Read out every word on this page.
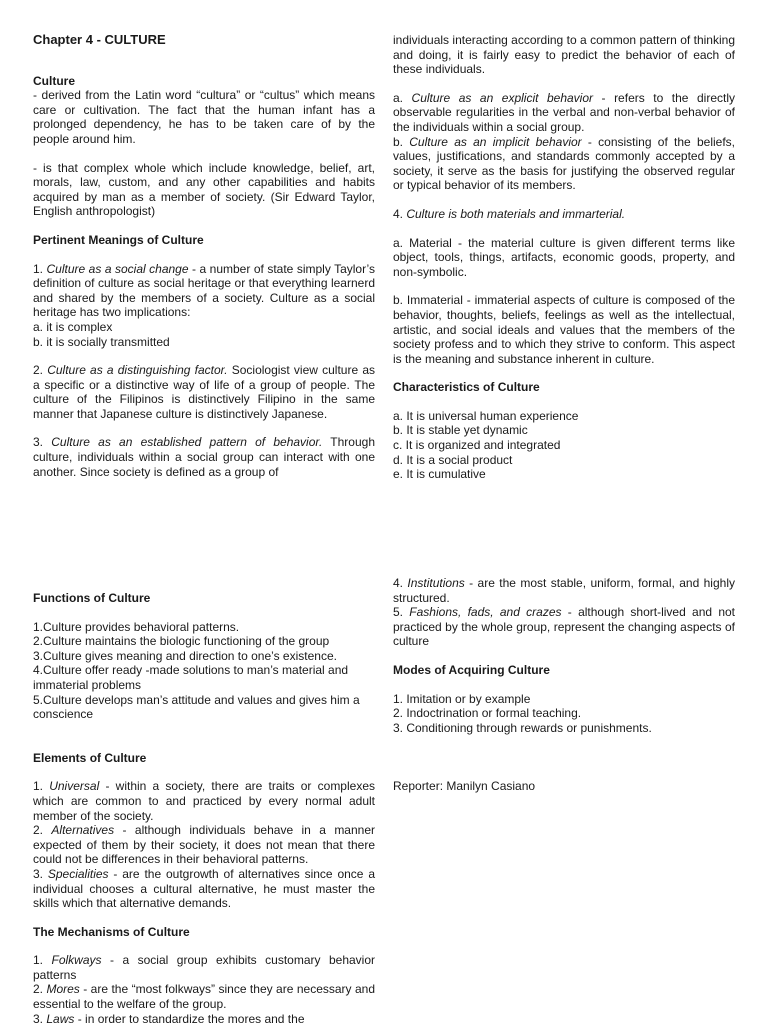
Chapter 4 - CULTURE

Culture

- derived from the Latin word “cultura” or “cultus” which means care or cultivation. The fact that the human infant has a prolonged dependency, he has to be taken care of by the people around him.

- is that complex whole which include knowledge, belief, art, morals, law, custom, and any other capabilities and habits acquired by man as a member of society. (Sir Edward Taylor, English anthropologist)

Pertinent Meanings of Culture

1. Culture as a social change - a number of state simply Taylor’s definition of culture as social heritage or that everything learnerd and shared by the members of a society. Culture as a social heritage has two implications:

a. it is complex

b. it is socially transmitted

2. Culture as a distinguishing factor. Sociologist view culture as a specific or a distinctive way of life of a group of people. The culture of the Filipinos is distinctively Filipino in the same manner that Japanese culture is distinctively Japanese.

3. Culture as an established pattern of behavior. Through culture, individuals within a social group can interact with one another. Since society is defined as a group of

individuals interacting according to a common pattern of thinking and doing, it is fairly easy to predict the behavior of each of these individuals.

a. Culture as an explicit behavior - refers to the directly observable regularities in the verbal and non-verbal behavior of the individuals within a social group.

b. Culture as an implicit behavior - consisting of the beliefs, values, justifications, and standards commonly accepted by a society, it serve as the basis for justifying the observed regular or typical behavior of its members.

4. Culture is both materials and immarterial.

a. Material - the material culture is given different terms like object, tools, things, artifacts, economic goods, property, and non-symbolic.

b. Immaterial - immaterial aspects of culture is composed of the behavior, thoughts, beliefs, feelings as well as the intellectual, artistic, and social ideals and values that the members of the society profess and to which they strive to conform. This aspect is the meaning and substance inherent in culture.

Characteristics of Culture

a. It is universal human experience
b. It is stable yet dynamic
c. It is organized and integrated
d. It is a social product
e. It is cumulative

Functions of Culture

1.Culture provides behavioral patterns.
2.Culture maintains the biologic functioning of the group
3.Culture gives meaning and direction to one’s existence.
4.Culture offer ready -made solutions to man’s material and immaterial problems
5.Culture develops man’s attitude and values and gives him a conscience

Elements of Culture

1. Universal - within a society, there are traits or complexes which are common to and practiced by every normal adult member of the society.

2. Alternatives - although individuals behave in a manner expected of them by their society, it does not mean that there could not be differences in their behavioral patterns.

3. Specialities - are the outgrowth of alternatives since once a individual chooses a cultural alternative, he must master the skills which that alternative demands.

The Mechanisms of Culture

1. Folkways - a social group exhibits customary behavior patterns

2. Mores - are the “most folkways” since they are necessary and essential to the welfare of the group.

3. Laws - in order to standardize the mores and the

4. Institutions - are the most stable, uniform, formal, and highly structured.

5. Fashions, fads, and crazes - although short-lived and not practiced by the whole group, represent the changing aspects of culture

Modes of Acquiring Culture

1. Imitation or by example
2. Indoctrination or formal teaching.
3. Conditioning through rewards or punishments.

Reporter: Manilyn Casiano
